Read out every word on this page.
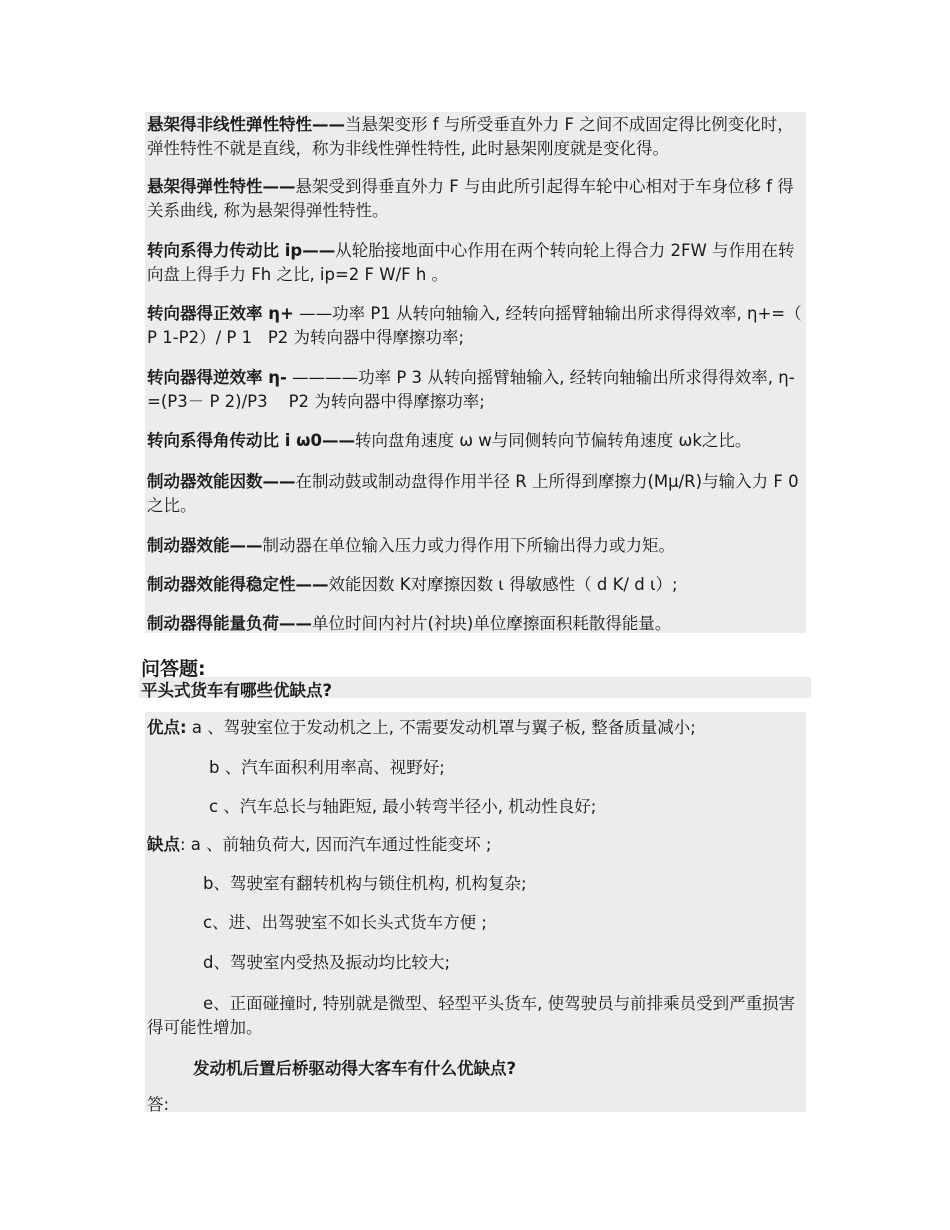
悬架得非线性弹性特性——当悬架变形 f 与所受垂直外力 F 之间不成固定得比例变化时，弹性特性不就是直线，称为非线性弹性特性, 此时悬架刚度就是变化得。
悬架得弹性特性——悬架受到得垂直外力 F 与由此所引起得车轮中心相对于车身位移 f 得关系曲线, 称为悬架得弹性特性。
转向系得力传动比 ip——从轮胎接地面中心作用在两个转向轮上得合力 2FW 与作用在转向盘上得手力 Fh 之比, ip=2 F W/F h 。
转向器得正效率 η+ ——功率 P1 从转向轴输入, 经转向摇臂轴输出所求得得效率, η+=（ P 1-P2）/ P 1   P2 为转向器中得摩擦功率;
转向器得逆效率 η- ————功率 P 3 从转向摇臂轴输入, 经转向轴输出所求得得效率, η-=(P3－ P 2)/P3    P2 为转向器中得摩擦功率;
转向系得角传动比 i ω0——转向盘角速度 ω w与同侧转向节偏转角速度 ωk之比。
制动器效能因数——在制动鼓或制动盘得作用半径 R 上所得到摩擦力(Mμ/R)与输入力 F 0 之比。
制动器效能——制动器在单位输入压力或力得作用下所输出得力或力矩。
制动器效能得稳定性——效能因数 K对摩擦因数 ι 得敏感性（ d K/ d ι）;
制动器得能量负荷——单位时间内衬片(衬块)单位摩擦面积耗散得能量。
问答题:
平头式货车有哪些优缺点?
优点: a 、驾驶室位于发动机之上, 不需要发动机罩与翼子板, 整备质量减小;
b 、汽车面积利用率高、视野好;
c 、汽车总长与轴距短, 最小转弯半径小, 机动性良好;
缺点: a 、前轴负荷大, 因而汽车通过性能变坏 ;
b、驾驶室有翻转机构与锁住机构, 机构复杂;
c、进、出驾驶室不如长头式货车方便 ;
d、驾驶室内受热及振动均比较大;
e、正面碰撞时, 特别就是微型、轻型平头货车, 使驾驶员与前排乘员受到严重损害得可能性增加。
发动机后置后桥驱动得大客车有什么优缺点?
答:
